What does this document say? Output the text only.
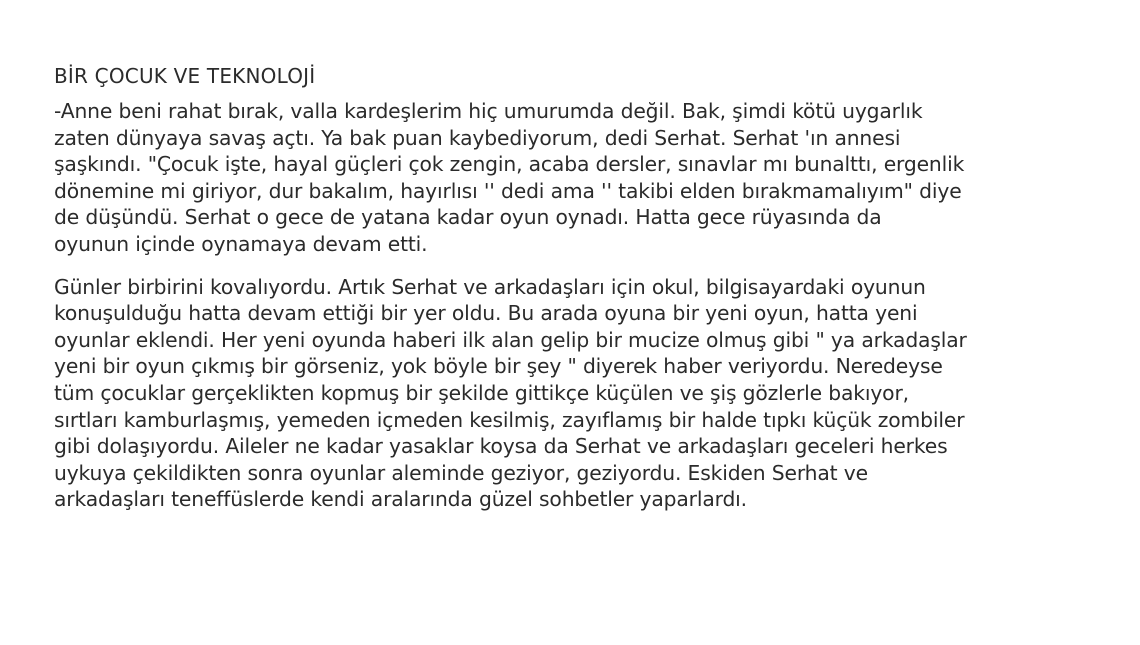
BİR ÇOCUK VE TEKNOLOJİ

-Anne beni rahat bırak, valla kardeşlerim hiç umurumda değil. Bak, şimdi kötü uygarlık
zaten dünyaya savaş açtı. Ya bak puan kaybediyorum, dedi Serhat. Serhat 'ın annesi
şaşkındı. "Çocuk işte, hayal güçleri çok zengin, acaba dersler, sınavlar mı bunalttı, ergenlik
dönemine mi giriyor, dur bakalım, hayırlısı '' dedi ama '' takibi elden bırakmamalıyım" diye
de düşündü. Serhat o gece de yatana kadar oyun oynadı. Hatta gece rüyasında da
oyunun içinde oynamaya devam etti.

Günler birbirini kovalıyordu. Artık Serhat ve arkadaşları için okul, bilgisayardaki oyunun
konuşulduğu hatta devam ettiği bir yer oldu. Bu arada oyuna bir yeni oyun, hatta yeni
oyunlar eklendi. Her yeni oyunda haberi ilk alan gelip bir mucize olmuş gibi " ya arkadaşlar
yeni bir oyun çıkmış bir görseniz, yok böyle bir şey " diyerek haber veriyordu. Neredeyse
tüm çocuklar gerçeklikten kopmuş bir şekilde gittikçe küçülen ve şiş gözlerle bakıyor,
sırtları kamburlaşmış, yemeden içmeden kesilmiş, zayıflamış bir halde tıpkı küçük zombiler
gibi dolaşıyordu. Aileler ne kadar yasaklar koysa da Serhat ve arkadaşları geceleri herkes
uykuya çekildikten sonra oyunlar aleminde geziyor, geziyordu. Eskiden Serhat ve
arkadaşları teneffüslerde kendi aralarında güzel sohbetler yaparlardı.
